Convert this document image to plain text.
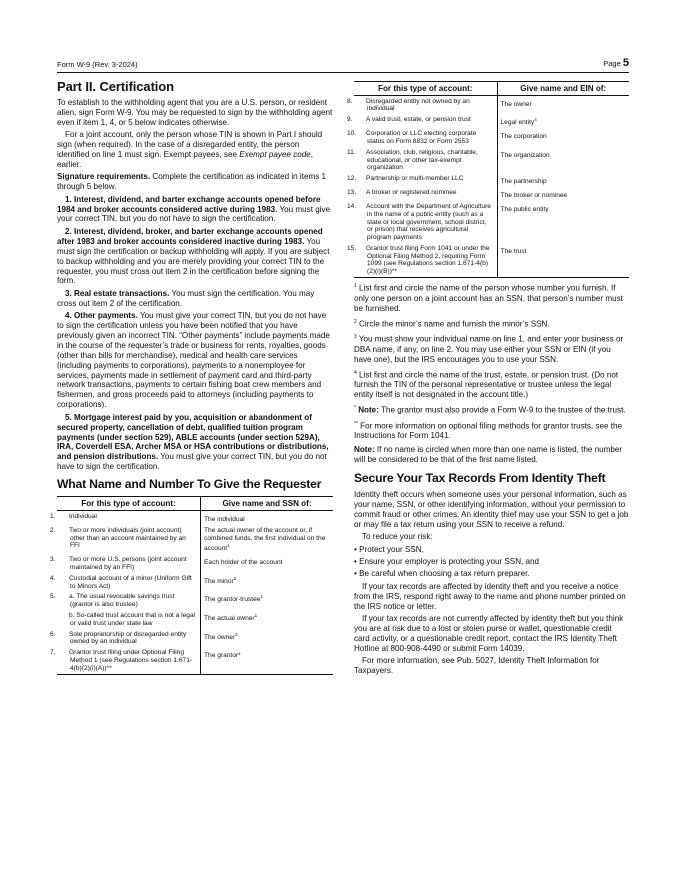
Form W-9 (Rev. 3-2024)	Page 5
Part II. Certification

To establish to the withholding agent that you are a U.S. person, or resident alien, sign Form W-9. You may be requested to sign by the withholding agent even if item 1, 4, or 5 below indicates otherwise.

For a joint account, only the person whose TIN is shown in Part I should sign (when required). In the case of a disregarded entity, the person identified on line 1 must sign. Exempt payees, see Exempt payee code, earlier.

Signature requirements. Complete the certification as indicated in items 1 through 5 below.

1. Interest, dividend, and barter exchange accounts opened before 1984 and broker accounts considered active during 1983. You must give your correct TIN, but you do not have to sign the certification.

2. Interest, dividend, broker, and barter exchange accounts opened after 1983 and broker accounts considered inactive during 1983. You must sign the certification or backup withholding will apply. If you are subject to backup withholding and you are merely providing your correct TIN to the requester, you must cross out item 2 in the certification before signing the form.

3. Real estate transactions. You must sign the certification. You may cross out item 2 of the certification.

4. Other payments. You must give your correct TIN, but you do not have to sign the certification unless you have been notified that you have previously given an incorrect TIN. “Other payments” include payments made in the course of the requester’s trade or business for rents, royalties, goods (other than bills for merchandise), medical and health care services (including payments to corporations), payments to a nonemployee for services, payments made in settlement of payment card and third-party network transactions, payments to certain fishing boat crew members and fishermen, and gross proceeds paid to attorneys (including payments to corporations).

5. Mortgage interest paid by you, acquisition or abandonment of secured property, cancellation of debt, qualified tuition program payments (under section 529), ABLE accounts (under section 529A), IRA, Coverdell ESA, Archer MSA or HSA contributions or distributions, and pension distributions. You must give your correct TIN, but you do not have to sign the certification.

What Name and Number To Give the Requester
For this type of account:	Give name and SSN of:

1. Individual	The individual

2. Two or more individuals (joint account) other than an account maintained by an FFI	The actual owner of the account or, if combined funds, the first individual on the account$^1$

3. Two or more U.S. persons (joint account maintained by an FFI)	Each holder of the account

4. Custodial account of a minor (Uniform Gift to Minors Act)	The minor$^2$

5. a. The usual revocable savings trust (grantor is also trustee)	The grantor-trustee$^1$

b. So-called trust account that is not a legal or valid trust under state law	The actual owner$^1$

6. Sole proprietorship or disregarded entity owned by an individual	The owner$^3$

7. Grantor trust filing under Optional Filing Method 1 (see Regulations section 1.671-4(b)(2)(i)(A))**	The grantor*
For this type of account:	Give name and EIN of:

8. Disregarded entity not owned by an individual	The owner

9. A valid trust, estate, or pension trust	Legal entity$^4$

10. Corporation or LLC electing corporate status on Form 8832 or Form 2553	The corporation

11. Association, club, religious, charitable, educational, or other tax-exempt organization	The organization

12. Partnership or multi-member LLC	The partnership

13. A broker or registered nominee	The broker or nominee

14. Account with the Department of Agriculture in the name of a public entity (such as a state or local government, school district, or prison) that receives agricultural program payments	The public entity

15. Grantor trust filing Form 1041 or under the Optional Filing Method 2, requiring Form 1099 (see Regulations section 1.671-4(b)(2)(i)(B))**	The trust

$^1$ List first and circle the name of the person whose number you furnish. If only one person on a joint account has an SSN, that person’s number must be furnished.

$^2$ Circle the minor’s name and furnish the minor’s SSN.

$^3$ You must show your individual name on line 1, and enter your business or DBA name, if any, on line 2. You may use either your SSN or EIN (if you have one), but the IRS encourages you to use your SSN.

$^4$ List first and circle the name of the trust, estate, or pension trust. (Do not furnish the TIN of the personal representative or trustee unless the legal entity itself is not designated in the account title.)

* Note: The grantor must also provide a Form W-9 to the trustee of the trust.

** For more information on optional filing methods for grantor trusts, see the Instructions for Form 1041.

Note: If no name is circled when more than one name is listed, the number will be considered to be that of the first name listed.

Secure Your Tax Records From Identity Theft

Identity theft occurs when someone uses your personal information, such as your name, SSN, or other identifying information, without your permission to commit fraud or other crimes. An identity thief may use your SSN to get a job or may file a tax return using your SSN to receive a refund.

To reduce your risk:

• Protect your SSN,

• Ensure your employer is protecting your SSN, and

• Be careful when choosing a tax return preparer.

If your tax records are affected by identity theft and you receive a notice from the IRS, respond right away to the name and phone number printed on the IRS notice or letter.

If your tax records are not currently affected by identity theft but you think you are at risk due to a lost or stolen purse or wallet, questionable credit card activity, or a questionable credit report, contact the IRS Identity Theft Hotline at 800-908-4490 or submit Form 14039.

For more information, see Pub. 5027, Identity Theft Information for Taxpayers.
